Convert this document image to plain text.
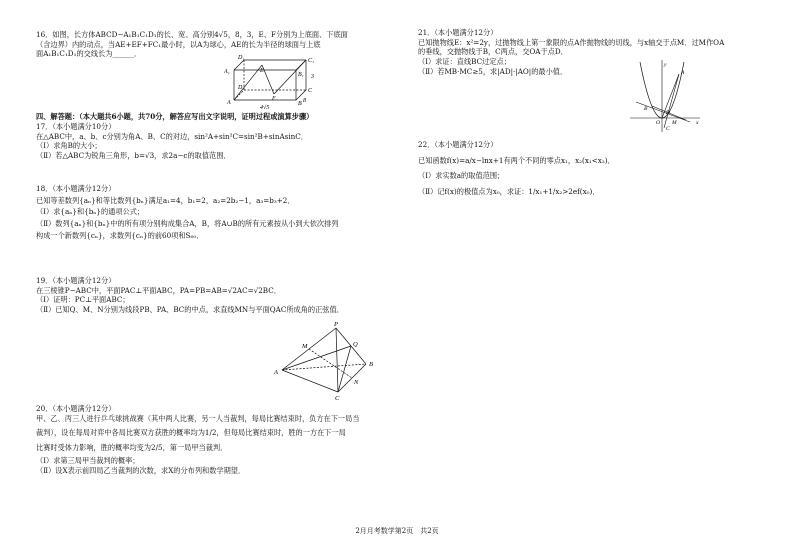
16．如图，长方体ABCD−A₁B₁C₁D₁的长、宽、高分别4√5，8，3，E、F分别为上底面、下底面
（含边界）内的动点，当AE+EF+FC₁最小时，以A为球心，AE的长为半径的球面与上底
面A₁B₁C₁D₁的交线长为______．	D₁	C₁
B₁
A₁	E
D	C
F
A	B
4√5
8
3
四、解答题：（本大题共6小题，共70分，解答应写出文字说明，证明过程或演算步骤）
17．（本小题满分10分）
在△ABC中，a、b、c分别为角A、B、C的对边，sin²A+sin²C=sin²B+sinAsinC．
（Ⅰ）求角B的大小；
（Ⅱ）若△ABC为锐角三角形，b=√3，求2a−c的取值范围．
18．（本小题满分12分）
已知等差数列{aₙ}和等比数列{bₙ}满足a₁=4，b₁=2，a₂=2b₂−1，a₃=b₃+2．
（Ⅰ）求{aₙ}和{bₙ}的通项公式；
（Ⅱ）数列{aₙ}和{bₙ}中的所有项分别构成集合A，B，将A∪B的所有元素按从小到大依次排列
构成一个新数列{cₙ}，求数列{cₙ}的前60项和S₆₀．
19．（本小题满分12分）
在三棱锥P−ABC中，平面PAC⊥平面ABC，PA=PB=AB=√2AC=√2BC．
（Ⅰ）证明：PC⊥平面ABC；
（Ⅱ）已知Q、M、N分别为线段PB、PA、BC的中点，求直线MN与平面QAC所成角的正弦值．
P
M	Q
A
B
N
C
20．（本小题满分12分）
甲、乙、丙三人进行乒乓球挑战赛（其中两人比赛，另一人当裁判，每局比赛结束时，负方在下一局当
裁判），设在每局对弈中各局比赛双方获胜的概率均为1/2，但每局比赛结束时，胜的一方在下一局
比赛时受体力影响，胜的概率均变为2/5，第一局甲当裁判．
（Ⅰ）求第三局甲当裁判的概率；
（Ⅱ）设X表示前四局乙当裁判的次数，求X的分布列和数学期望．
21．（本小题满分12分）
已知抛物线E：x²=2y，过抛物线上第一象限的点A作抛物线的切线，与x轴交于点M．过M作OA
的垂线，交抛物线于B，C两点，交OA于点D．
（Ⅰ）求证：直线BC过定点；
（Ⅱ）若MB·MC≥5，求|AD|·|AO|的最小值．
y
A
B
D
O M	x
C
22．（本小题满分12分）
已知函数f(x)=a/x−lnx+1有两个不同的零点x₁，x₂(x₁<x₂)．
（Ⅰ）求实数a的取值范围；
（Ⅱ）记f(x)的极值点为x₀，求证：1/x₁+1/x₂>2ef(x₀)．
2月月考数学第2页　共2页
